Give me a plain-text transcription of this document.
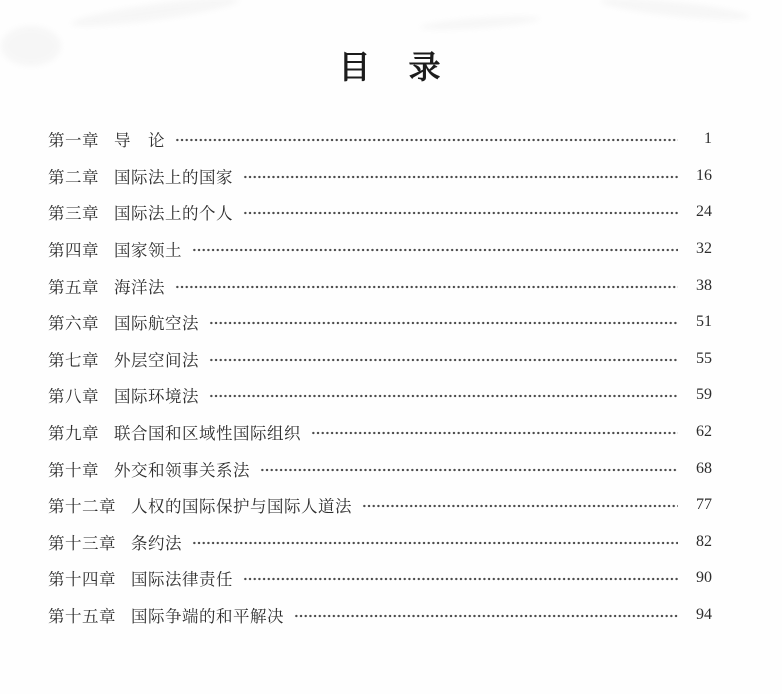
目　录
第一章 导　论	1
第二章 国际法上的国家	16
第三章 国际法上的个人	24
第四章 国家领土	32
第五章 海洋法	38
第六章 国际航空法	51
第七章 外层空间法	55
第八章 国际环境法	59
第九章 联合国和区域性国际组织	62
第十章 外交和领事关系法	68
第十二章 人权的国际保护与国际人道法	77
第十三章 条约法	82
第十四章 国际法律责任	90
第十五章 国际争端的和平解决	94
